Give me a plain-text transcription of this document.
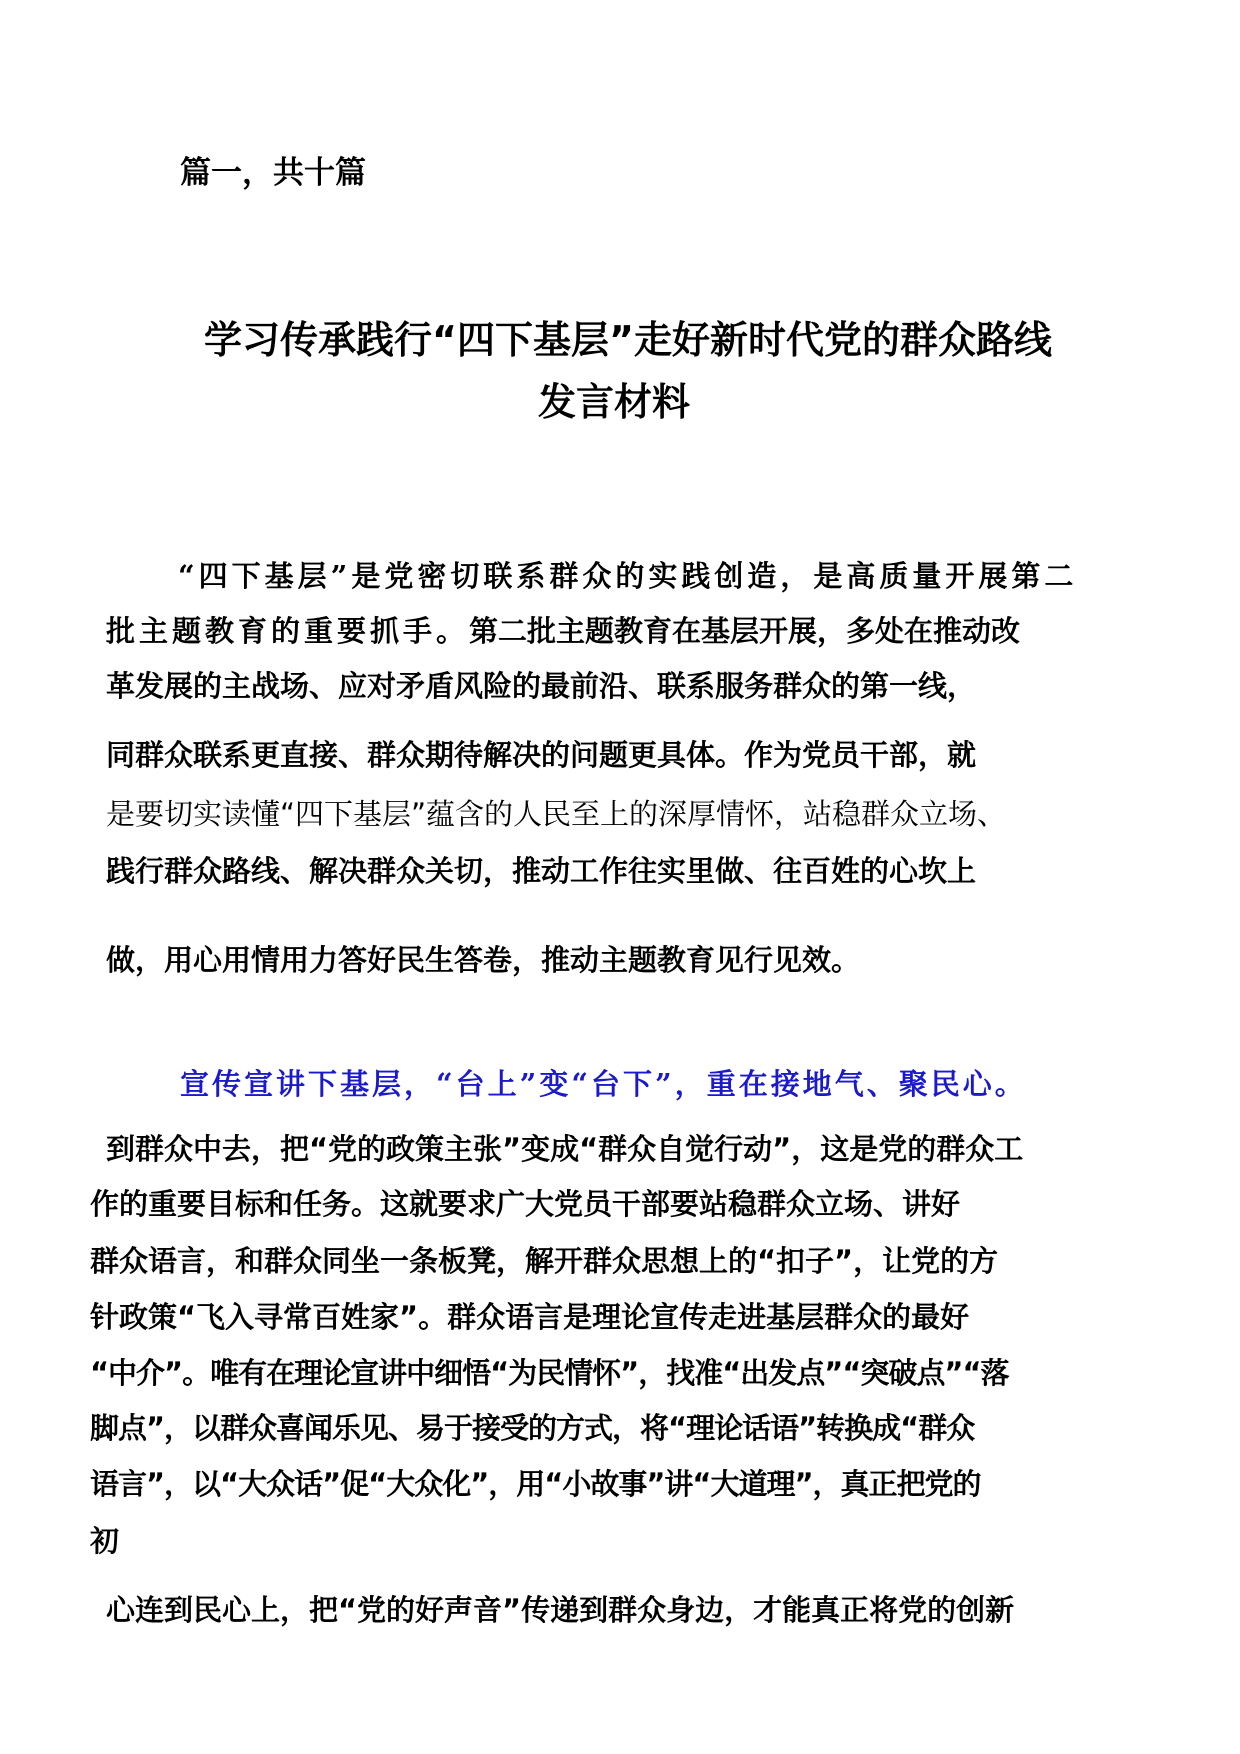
篇一，共十篇
学习传承践行“四下基层”走好新时代党的群众路线
发言材料
“四下基层”是党密切联系群众的实践创造，是高质量开展第二
批主题教育的重要抓手。第二批主题教育在基层开展，多处在推动改
革发展的主战场、应对矛盾风险的最前沿、联系服务群众的第一线，
同群众联系更直接、群众期待解决的问题更具体。作为党员干部，就
是要切实读懂“四下基层”蕴含的人民至上的深厚情怀，站稳群众立场、
践行群众路线、解决群众关切，推动工作往实里做、往百姓的心坎上
做，用心用情用力答好民生答卷，推动主题教育见行见效。
宣传宣讲下基层，“台上”变“台下”，重在接地气、聚民心。
到群众中去，把“党的政策主张”变成“群众自觉行动”，这是党的群众工
作的重要目标和任务。这就要求广大党员干部要站稳群众立场、讲好
群众语言，和群众同坐一条板凳，解开群众思想上的“扣子”，让党的方
针政策“飞入寻常百姓家”。群众语言是理论宣传走进基层群众的最好
“中介”。唯有在理论宣讲中细悟“为民情怀”，找准“出发点”“突破点”“落
脚点”，以群众喜闻乐见、易于接受的方式，将“理论话语”转换成“群众
语言”，以“大众话”促“大众化”，用“小故事”讲“大道理”，真正把党的
初
心连到民心上，把“党的好声音”传递到群众身边，才能真正将党的创新
